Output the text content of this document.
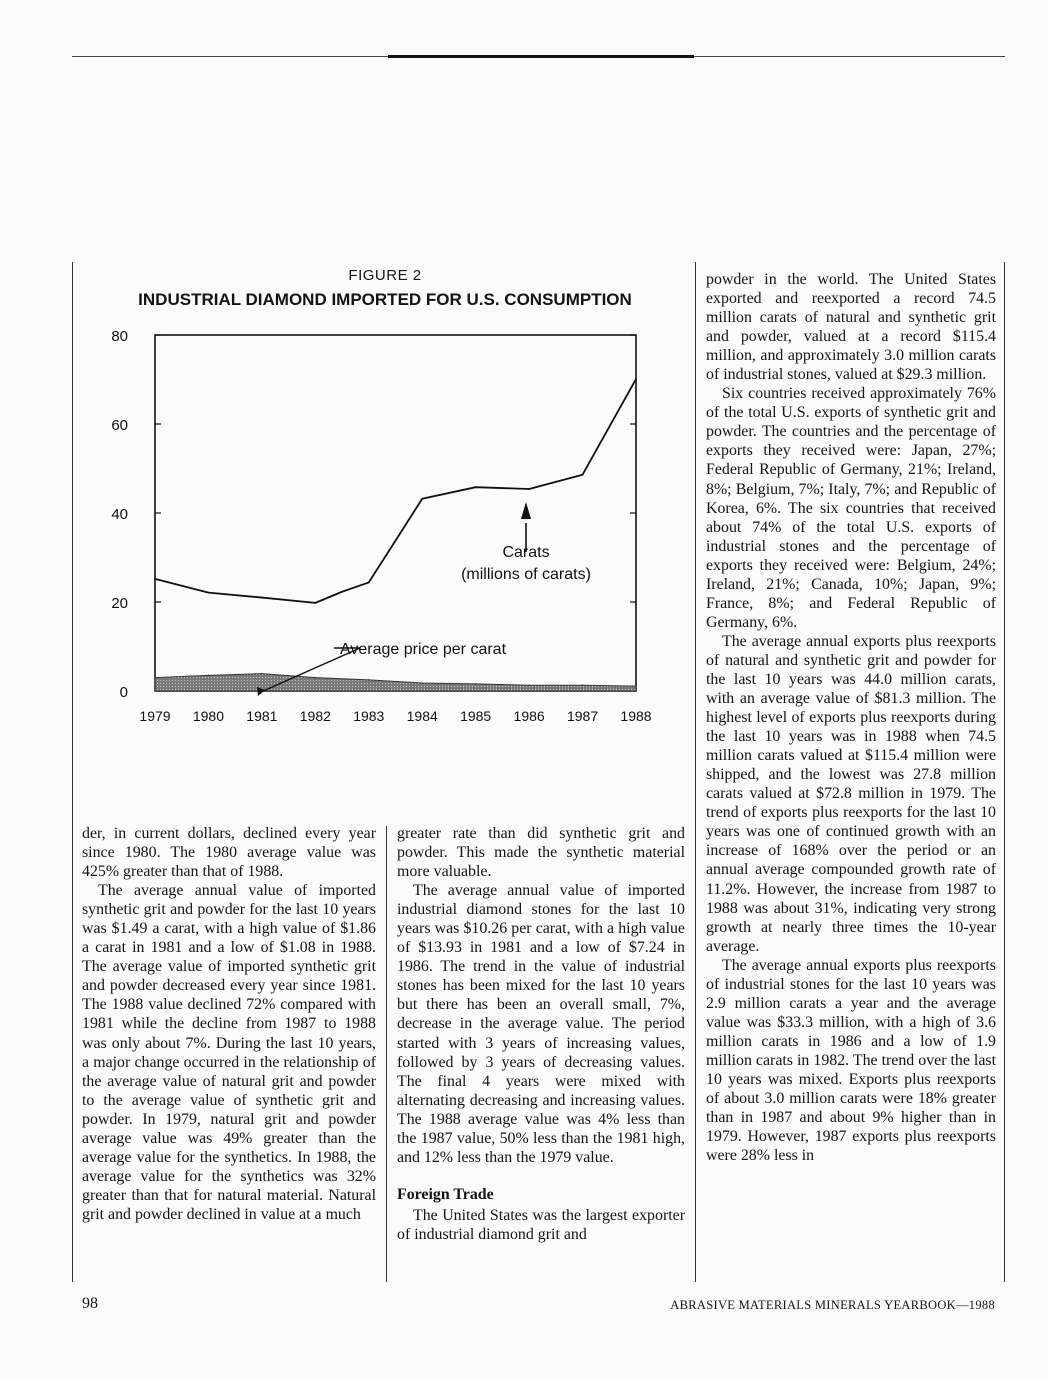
FIGURE 2
INDUSTRIAL DIAMOND IMPORTED FOR U.S. CONSUMPTION
0
20
40
60
80
1979 1980 1981 1982 1983 1984 1985 1986 1987 1988
Carats
(millions of carats)
Average price per carat

der, in current dollars, declined every year since 1980. The 1980 average value was 425% greater than that of 1988.

The average annual value of imported synthetic grit and powder for the last 10 years was $1.49 a carat, with a high value of $1.86 a carat in 1981 and a low of $1.08 in 1988. The average value of imported synthetic grit and powder decreased every year since 1981. The 1988 value declined 72% compared with 1981 while the decline from 1987 to 1988 was only about 7%. During the last 10 years, a major change occurred in the relationship of the average value of natural grit and powder to the average value of synthetic grit and powder. In 1979, natural grit and powder average value was 49% greater than the average value for the synthetics. In 1988, the average value for the synthetics was 32% greater than that for natural material. Natural grit and powder declined in value at a much

greater rate than did synthetic grit and powder. This made the synthetic material more valuable.

The average annual value of imported industrial diamond stones for the last 10 years was $10.26 per carat, with a high value of $13.93 in 1981 and a low of $7.24 in 1986. The trend in the value of industrial stones has been mixed for the last 10 years but there has been an overall small, 7%, decrease in the average value. The period started with 3 years of increasing values, followed by 3 years of decreasing values. The final 4 years were mixed with alternating decreasing and increasing values. The 1988 average value was 4% less than the 1987 value, 50% less than the 1981 high, and 12% less than the 1979 value.

Foreign Trade

The United States was the largest exporter of industrial diamond grit and

powder in the world. The United States exported and reexported a record 74.5 million carats of natural and synthetic grit and powder, valued at a record $115.4 million, and approximately 3.0 million carats of industrial stones, valued at $29.3 million.

Six countries received approximately 76% of the total U.S. exports of synthetic grit and powder. The countries and the percentage of exports they received were: Japan, 27%; Federal Republic of Germany, 21%; Ireland, 8%; Belgium, 7%; Italy, 7%; and Republic of Korea, 6%. The six countries that received about 74% of the total U.S. exports of industrial stones and the percentage of exports they received were: Belgium, 24%; Ireland, 21%; Canada, 10%; Japan, 9%; France, 8%; and Federal Republic of Germany, 6%.

The average annual exports plus reexports of natural and synthetic grit and powder for the last 10 years was 44.0 million carats, with an average value of $81.3 million. The highest level of exports plus reexports during the last 10 years was in 1988 when 74.5 million carats valued at $115.4 million were shipped, and the lowest was 27.8 million carats valued at $72.8 million in 1979. The trend of exports plus reexports for the last 10 years was one of continued growth with an increase of 168% over the period or an annual average compounded growth rate of 11.2%. However, the increase from 1987 to 1988 was about 31%, indicating very strong growth at nearly three times the 10-year average.

The average annual exports plus reexports of industrial stones for the last 10 years was 2.9 million carats a year and the average value was $33.3 million, with a high of 3.6 million carats in 1986 and a low of 1.9 million carats in 1982. The trend over the last 10 years was mixed. Exports plus reexports of about 3.0 million carats were 18% greater than in 1987 and about 9% higher than in 1979. However, 1987 exports plus reexports were 28% less in

98	ABRASIVE MATERIALS MINERALS YEARBOOK—1988
